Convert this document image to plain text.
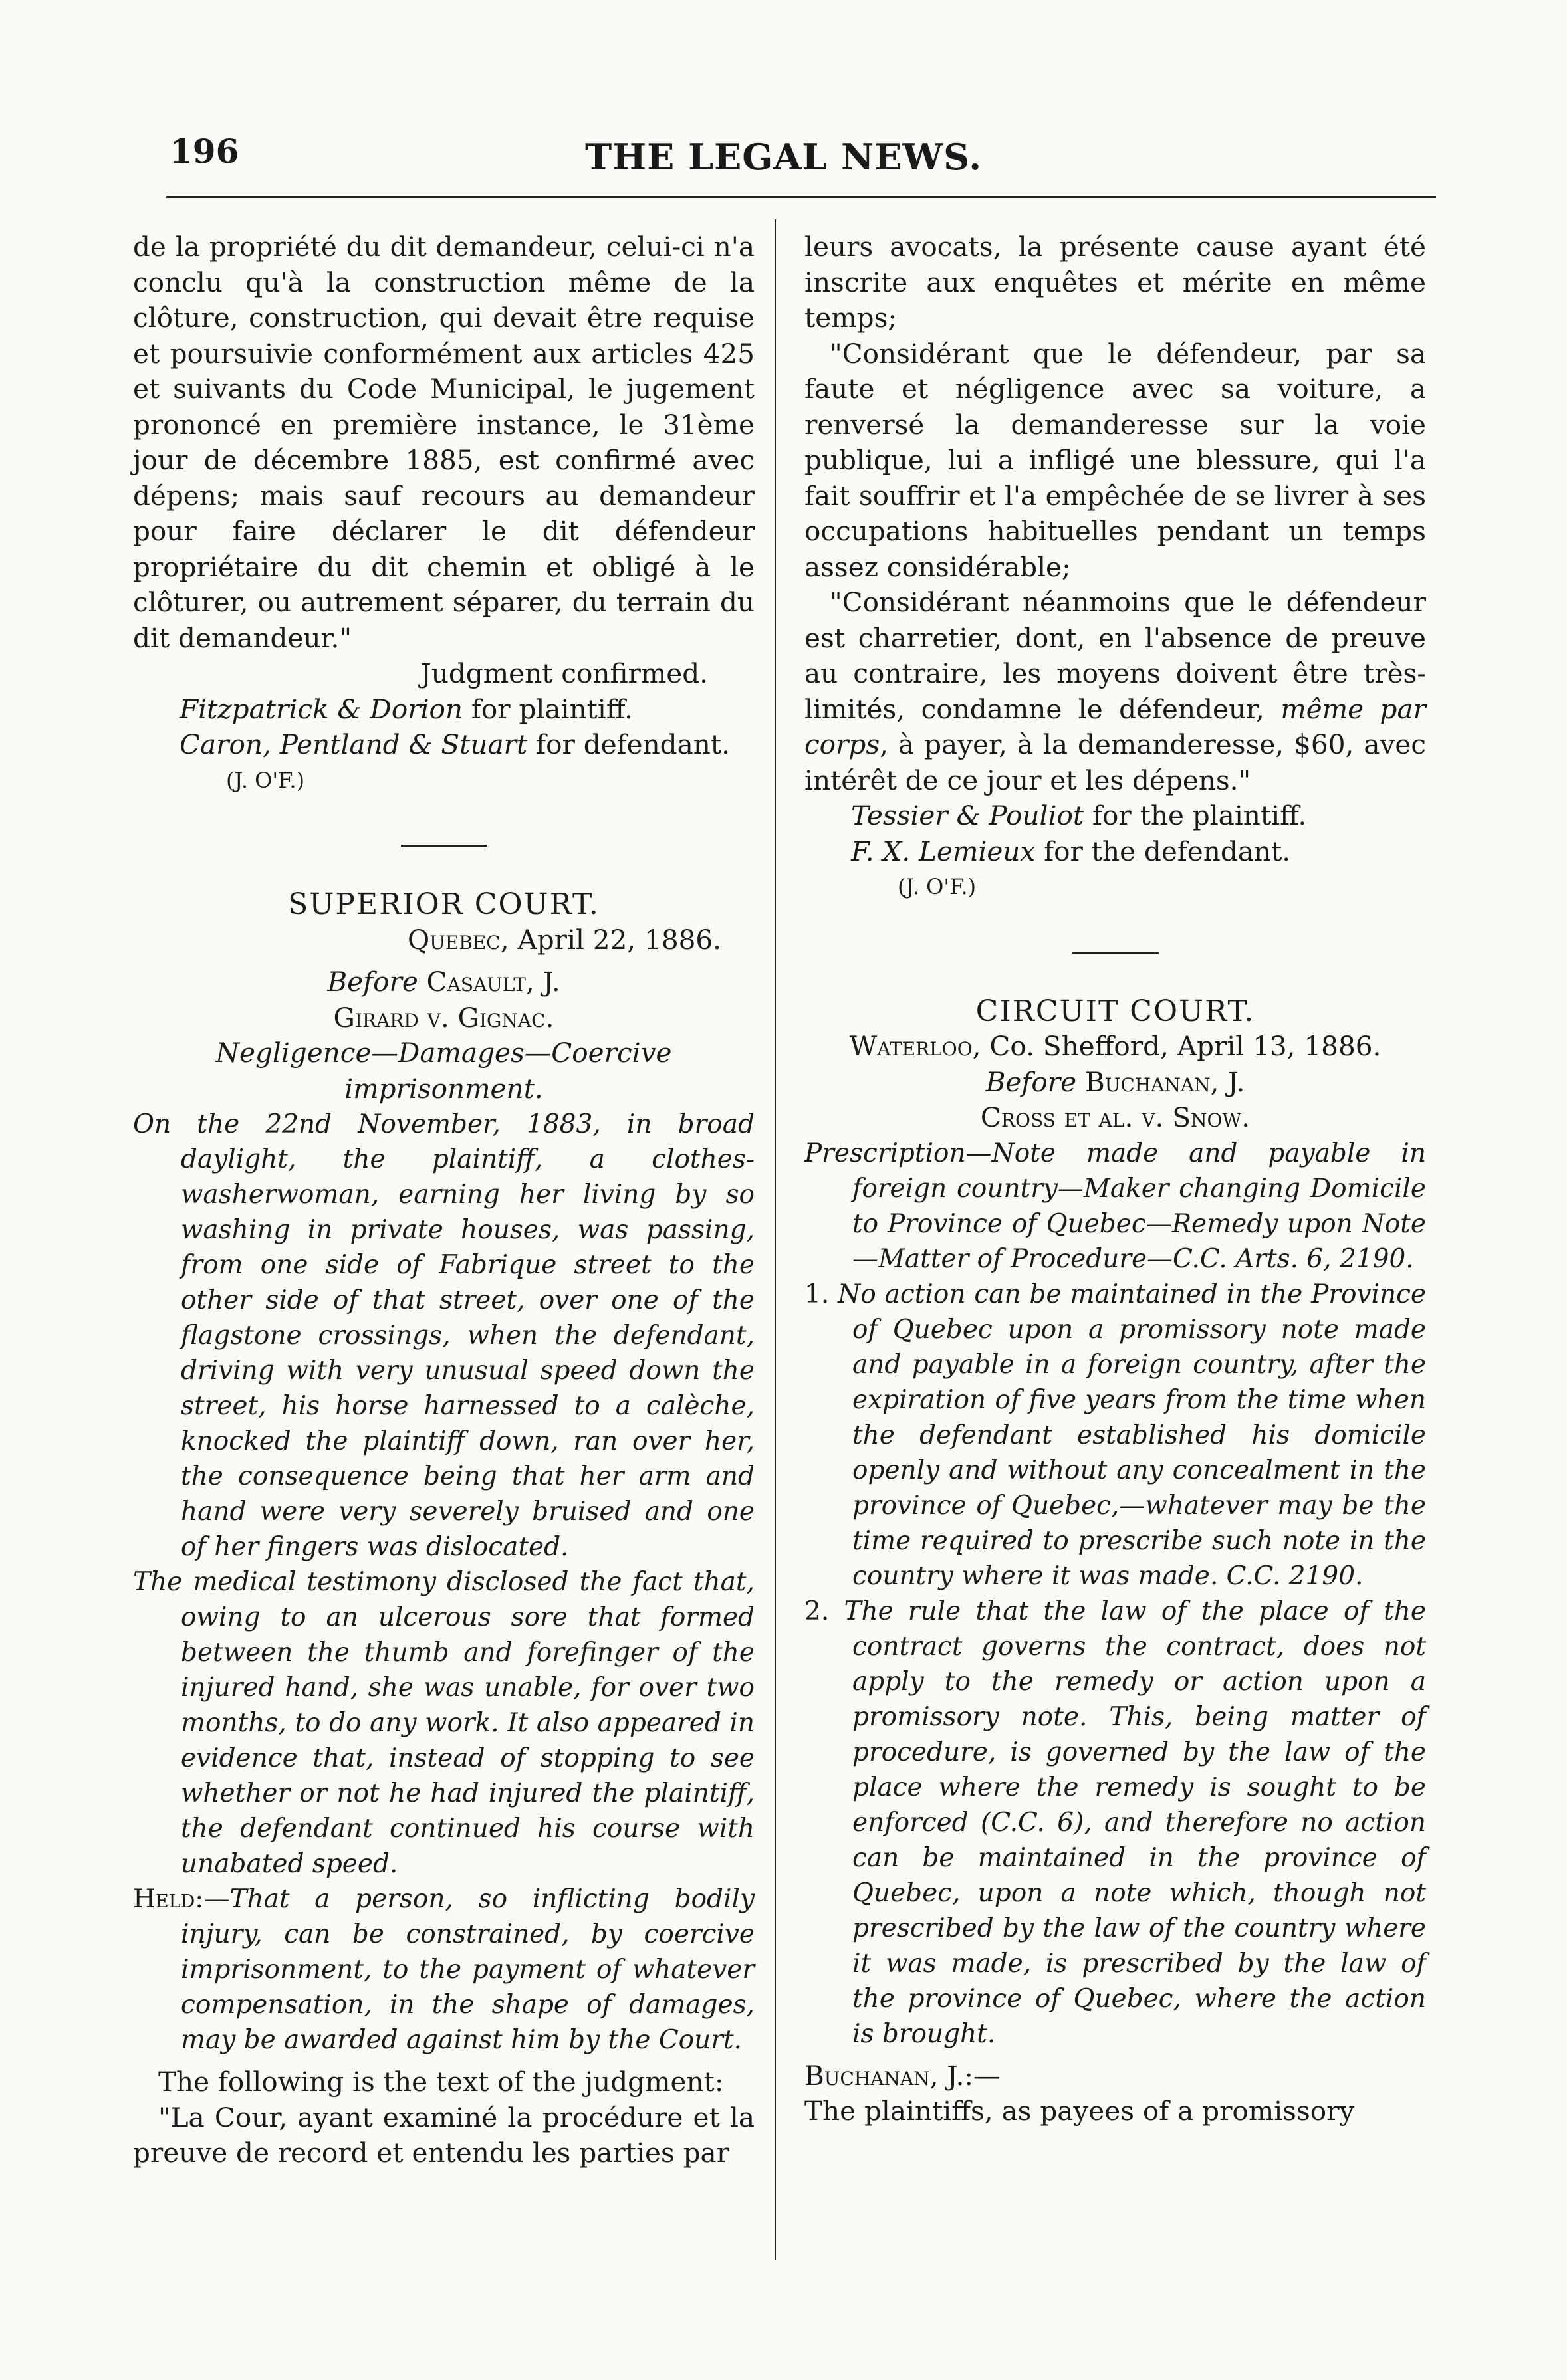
196	THE LEGAL NEWS.

de la propriété du dit demandeur, celui-ci n'a conclu qu'à la construction même de la clôture, construction, qui devait être requise et poursuivie conformément aux articles 425 et suivants du Code Municipal, le jugement prononcé en première instance, le 31ème jour de décembre 1885, est confirmé avec dépens; mais sauf recours au demandeur pour faire déclarer le dit défendeur propriétaire du dit chemin et obligé à le clôturer, ou autrement séparer, du terrain du dit demandeur."

Judgment confirmed.

Fitzpatrick & Dorion for plaintiff.

Caron, Pentland & Stuart for defendant.

(J. O'F.)

SUPERIOR COURT.

Quebec, April 22, 1886.

Before Casault, J.

Girard v. Gignac.

Negligence—Damages—Coercive imprisonment.

On the 22nd November, 1883, in broad daylight, the plaintiff, a clothes-washerwoman, earning her living by so washing in private houses, was passing, from one side of Fabrique street to the other side of that street, over one of the flagstone crossings, when the defendant, driving with very unusual speed down the street, his horse harnessed to a calèche, knocked the plaintiff down, ran over her, the consequence being that her arm and hand were very severely bruised and one of her fingers was dislocated.

The medical testimony disclosed the fact that, owing to an ulcerous sore that formed between the thumb and forefinger of the injured hand, she was unable, for over two months, to do any work. It also appeared in evidence that, instead of stopping to see whether or not he had injured the plaintiff, the defendant continued his course with unabated speed.

Held:—That a person, so inflicting bodily injury, can be constrained, by coercive imprisonment, to the payment of whatever compensation, in the shape of damages, may be awarded against him by the Court.

The following is the text of the judgment:

"La Cour, ayant examiné la procédure et la preuve de record et entendu les parties par

leurs avocats, la présente cause ayant été inscrite aux enquêtes et mérite en même temps;

"Considérant que le défendeur, par sa faute et négligence avec sa voiture, a renversé la demanderesse sur la voie publique, lui a infligé une blessure, qui l'a fait souffrir et l'a empêchée de se livrer à ses occupations habituelles pendant un temps assez considérable;

"Considérant néanmoins que le défendeur est charretier, dont, en l'absence de preuve au contraire, les moyens doivent être très-limités, condamne le défendeur, même par corps, à payer, à la demanderesse, $60, avec intérêt de ce jour et les dépens."

Tessier & Pouliot for the plaintiff.

F. X. Lemieux for the defendant.

(J. O'F.)

CIRCUIT COURT.

Waterloo, Co. Shefford, April 13, 1886.

Before Buchanan, J.

Cross et al. v. Snow.

Prescription—Note made and payable in foreign country—Maker changing Domicile to Province of Quebec—Remedy upon Note—Matter of Procedure—C.C. Arts. 6, 2190.

1. No action can be maintained in the Province of Quebec upon a promissory note made and payable in a foreign country, after the expiration of five years from the time when the defendant established his domicile openly and without any concealment in the province of Quebec,—whatever may be the time required to prescribe such note in the country where it was made. C.C. 2190.

2. The rule that the law of the place of the contract governs the contract, does not apply to the remedy or action upon a promissory note. This, being matter of procedure, is governed by the law of the place where the remedy is sought to be enforced (C.C. 6), and therefore no action can be maintained in the province of Quebec, upon a note which, though not prescribed by the law of the country where it was made, is prescribed by the law of the province of Quebec, where the action is brought.

Buchanan, J.:—

The plaintiffs, as payees of a promissory
